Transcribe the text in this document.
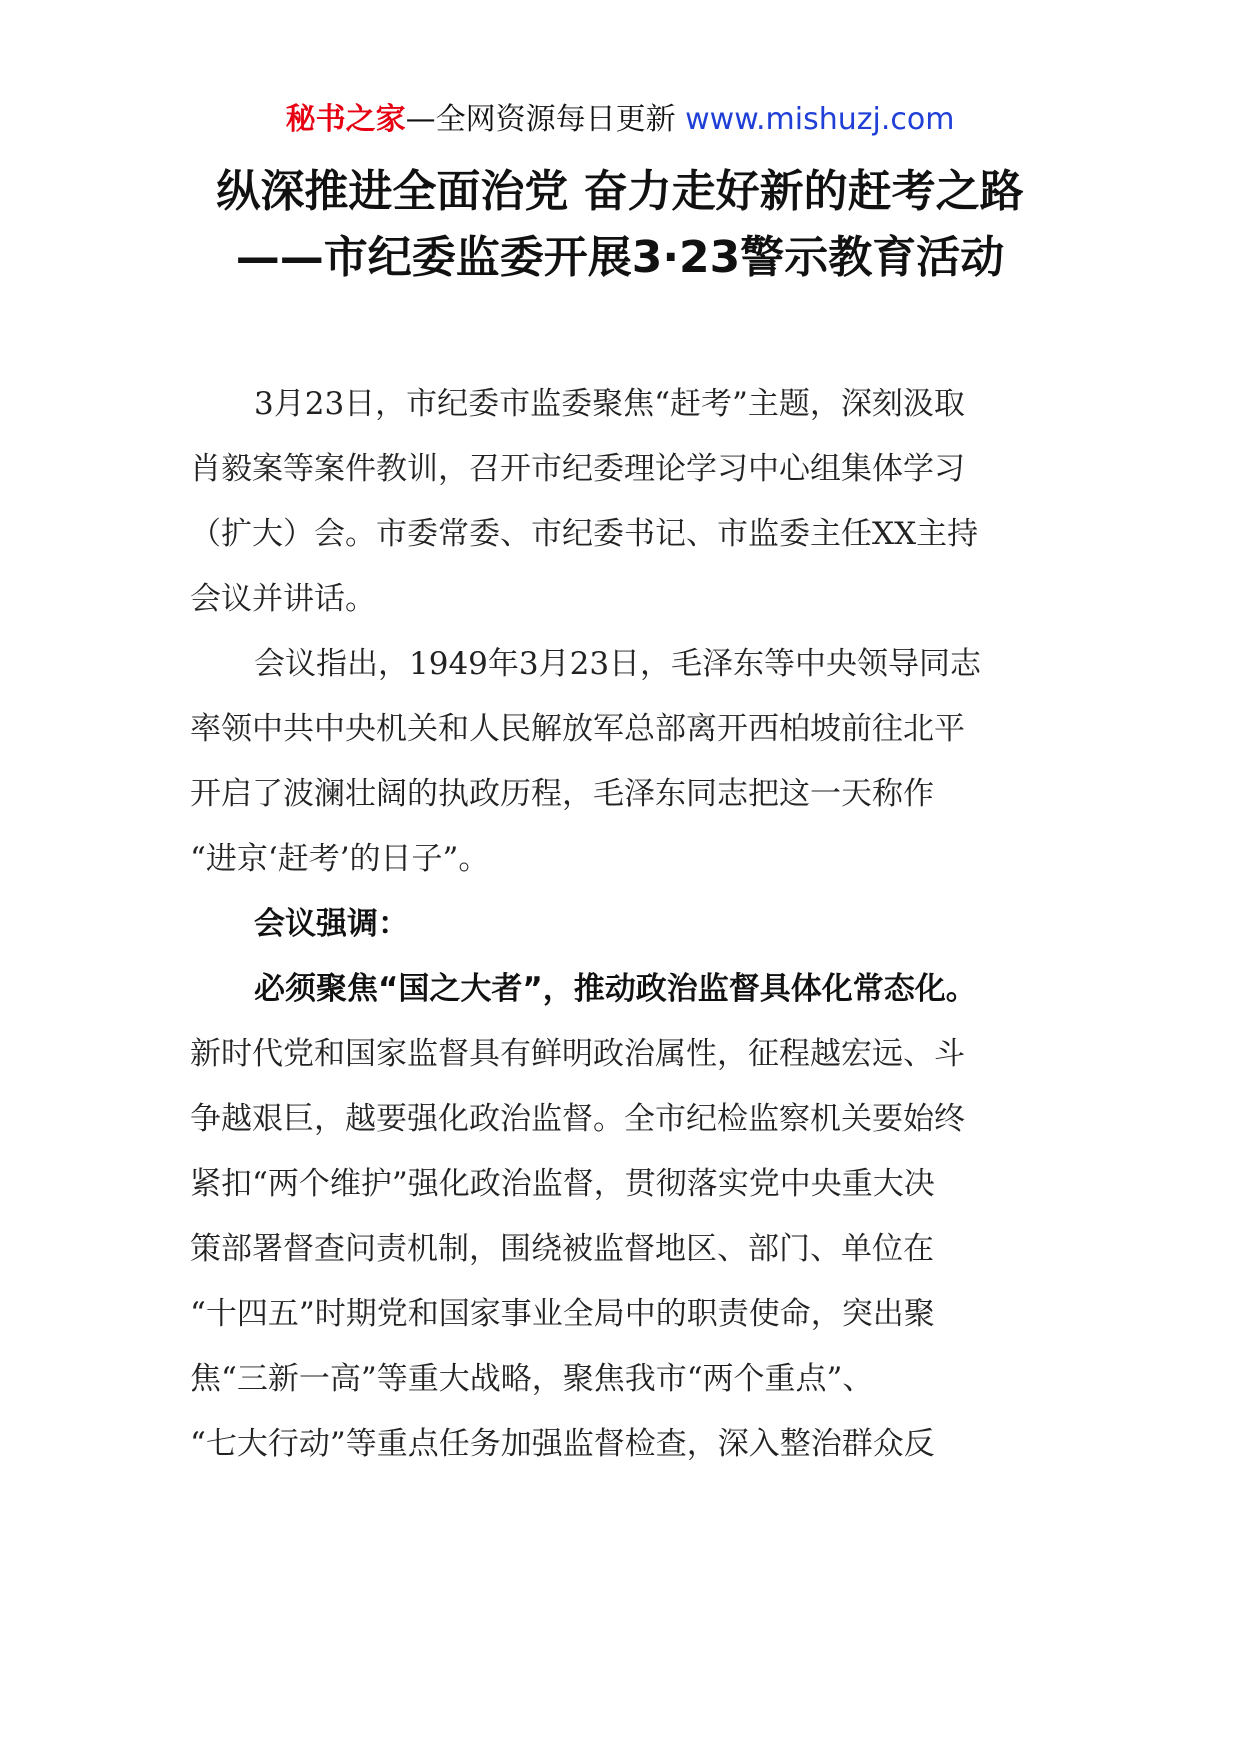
秘书之家—全网资源每日更新 www.mishuzj.com
纵深推进全面治党 奋力走好新的赶考之路
——市纪委监委开展3·23警示教育活动
3月23日，市纪委市监委聚焦“赶考”主题，深刻汲取
肖毅案等案件教训，召开市纪委理论学习中心组集体学习
（扩大）会。市委常委、市纪委书记、市监委主任XX主持
会议并讲话。
会议指出，1949年3月23日，毛泽东等中央领导同志
率领中共中央机关和人民解放军总部离开西柏坡前往北平
开启了波澜壮阔的执政历程，毛泽东同志把这一天称作
“进京‘赶考’的日子”。
会议强调：
必须聚焦“国之大者”，推动政治监督具体化常态化。
新时代党和国家监督具有鲜明政治属性，征程越宏远、斗
争越艰巨，越要强化政治监督。全市纪检监察机关要始终
紧扣“两个维护”强化政治监督，贯彻落实党中央重大决
策部署督查问责机制，围绕被监督地区、部门、单位在
“十四五”时期党和国家事业全局中的职责使命，突出聚
焦“三新一高”等重大战略，聚焦我市“两个重点”、
“七大行动”等重点任务加强监督检查，深入整治群众反
